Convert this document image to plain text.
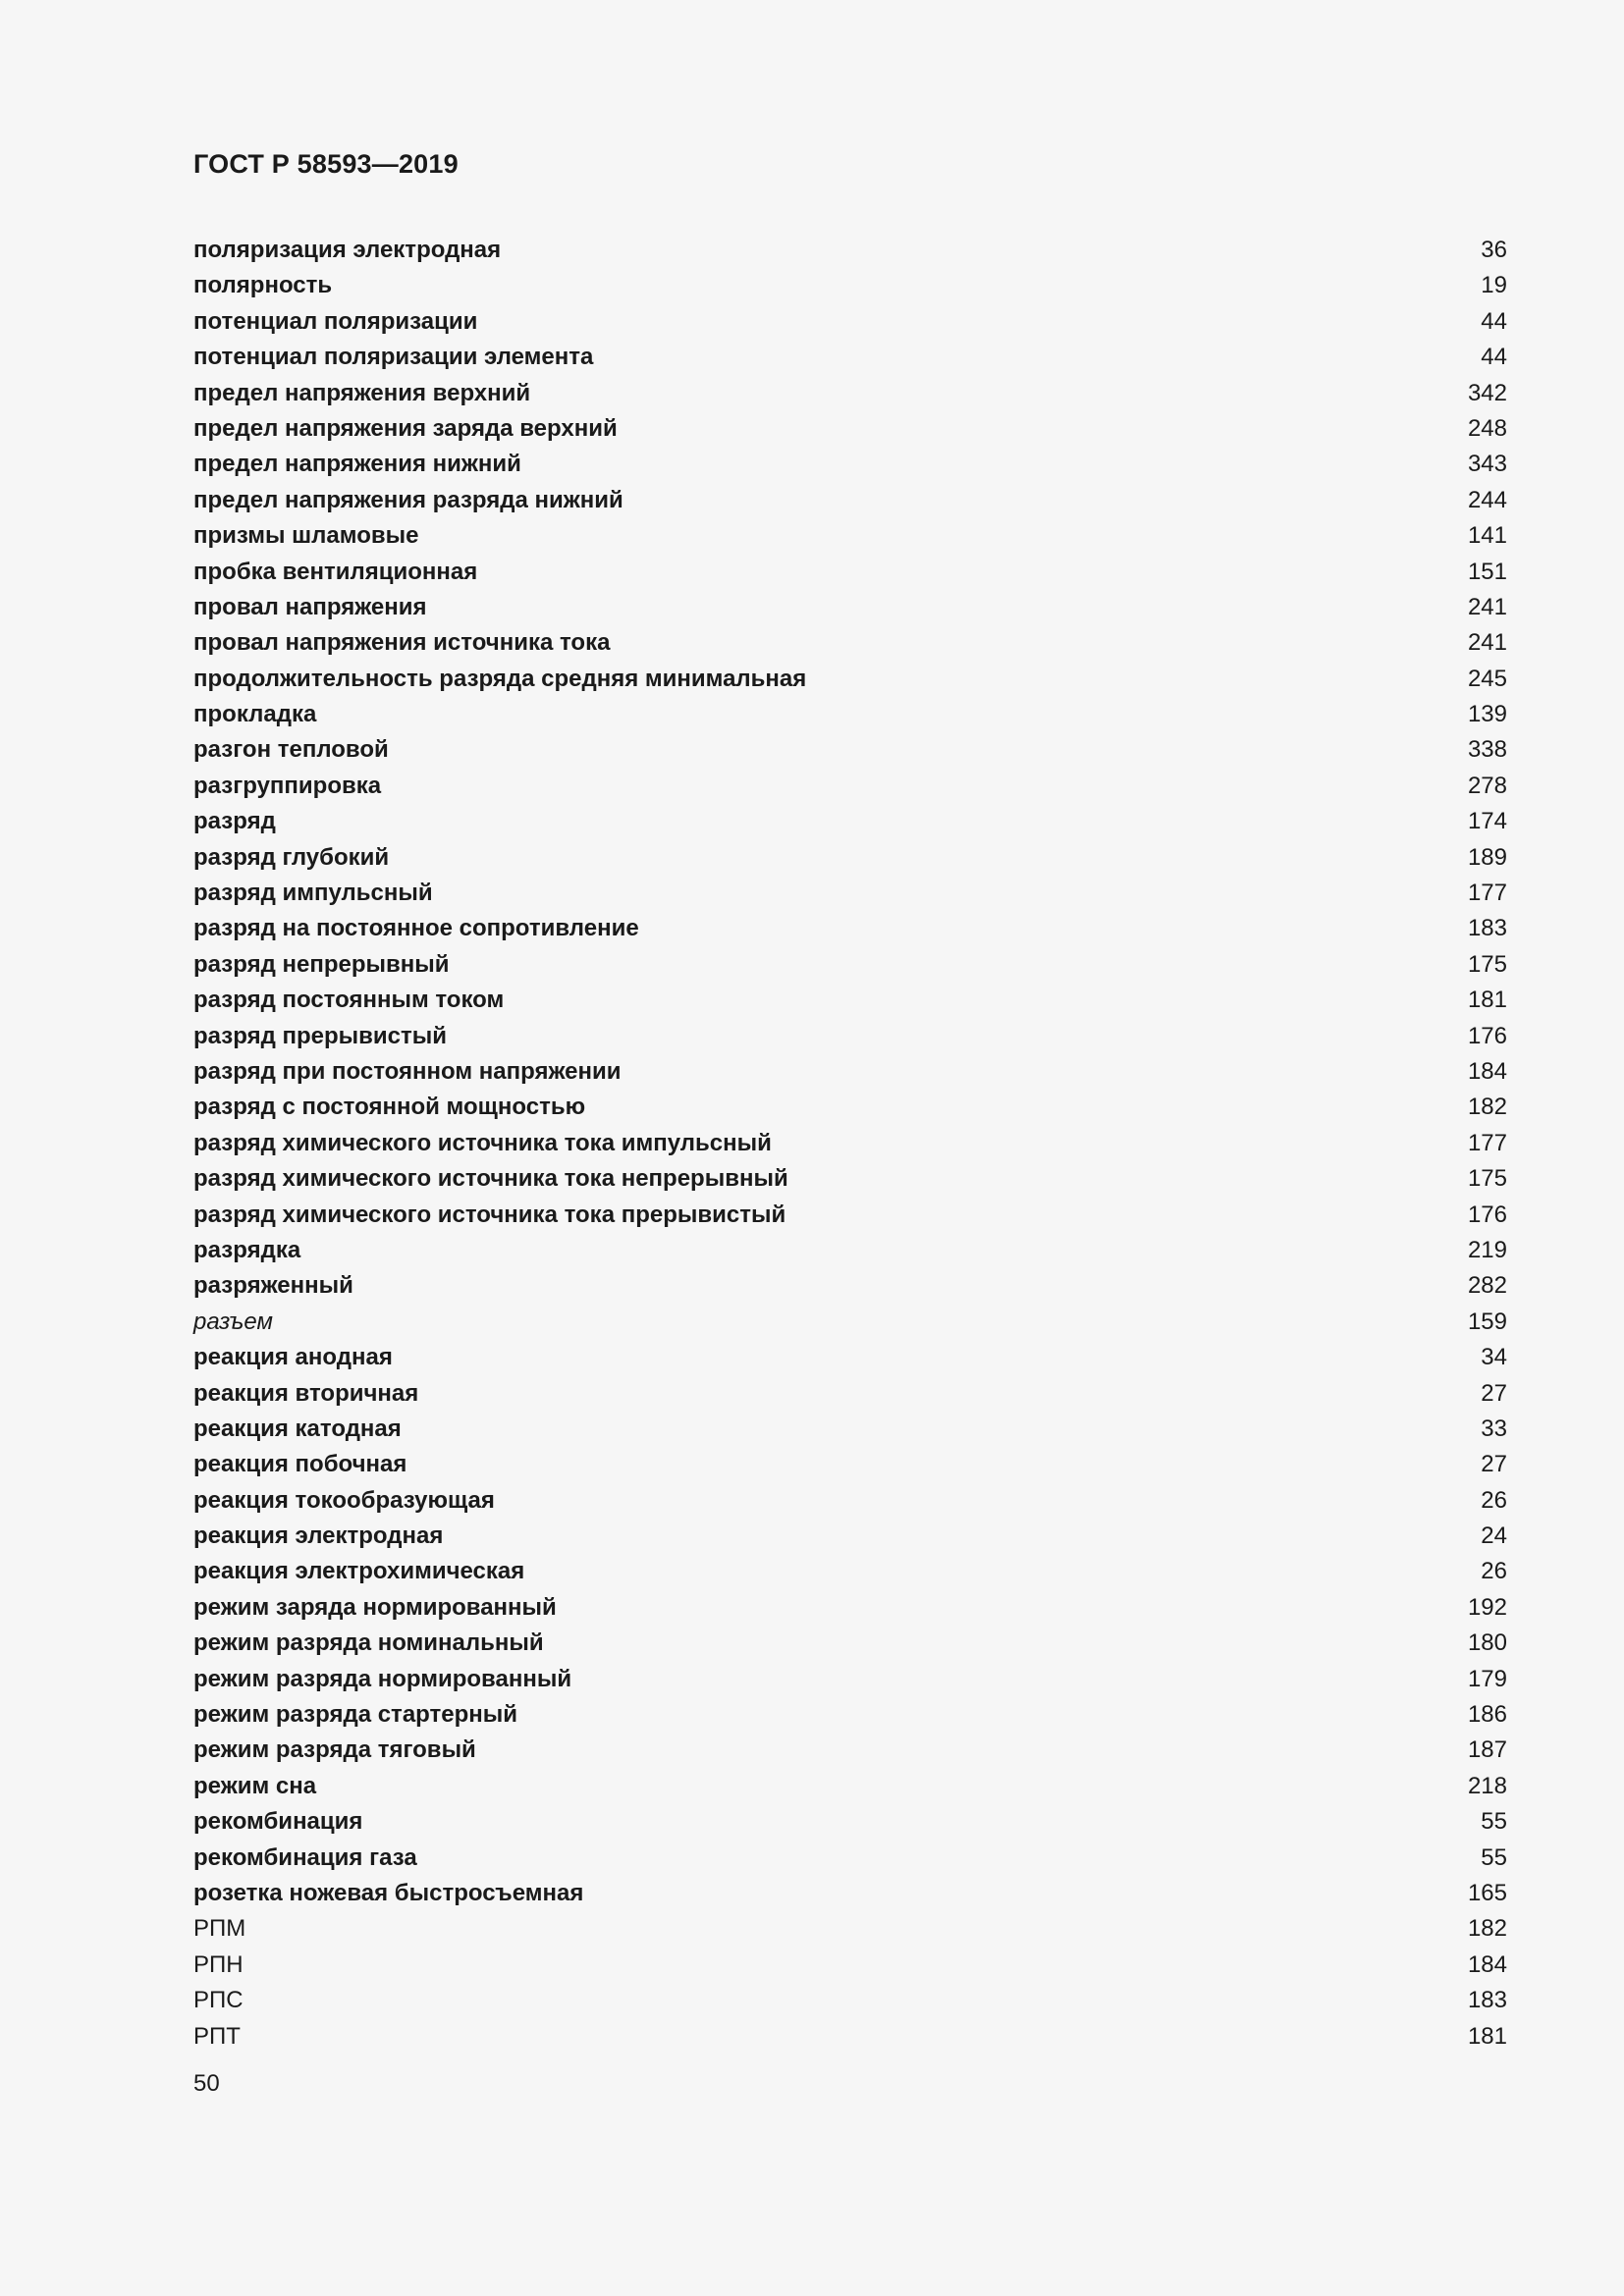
ГОСТ Р 58593—2019
поляризация электродная	36
полярность	19
потенциал поляризации	44
потенциал поляризации элемента	44
предел напряжения верхний	342
предел напряжения заряда верхний	248
предел напряжения нижний	343
предел напряжения разряда нижний	244
призмы шламовые	141
пробка вентиляционная	151
провал напряжения	241
провал напряжения источника тока	241
продолжительность разряда средняя минимальная	245
прокладка	139
разгон тепловой	338
разгруппировка	278
разряд	174
разряд глубокий	189
разряд импульсный	177
разряд на постоянное сопротивление	183
разряд непрерывный	175
разряд постоянным током	181
разряд прерывистый	176
разряд при постоянном напряжении	184
разряд с постоянной мощностью	182
разряд химического источника тока импульсный	177
разряд химического источника тока непрерывный	175
разряд химического источника тока прерывистый	176
разрядка	219
разряженный	282
разъем	159
реакция анодная	34
реакция вторичная	27
реакция катодная	33
реакция побочная	27
реакция токообразующая	26
реакция электродная	24
реакция электрохимическая	26
режим заряда нормированный	192
режим разряда номинальный	180
режим разряда нормированный	179
режим разряда стартерный	186
режим разряда тяговый	187
режим сна	218
рекомбинация	55
рекомбинация газа	55
розетка ножевая быстросъемная	165
РПМ	182
РПН	184
РПС	183
РПТ	181
50
